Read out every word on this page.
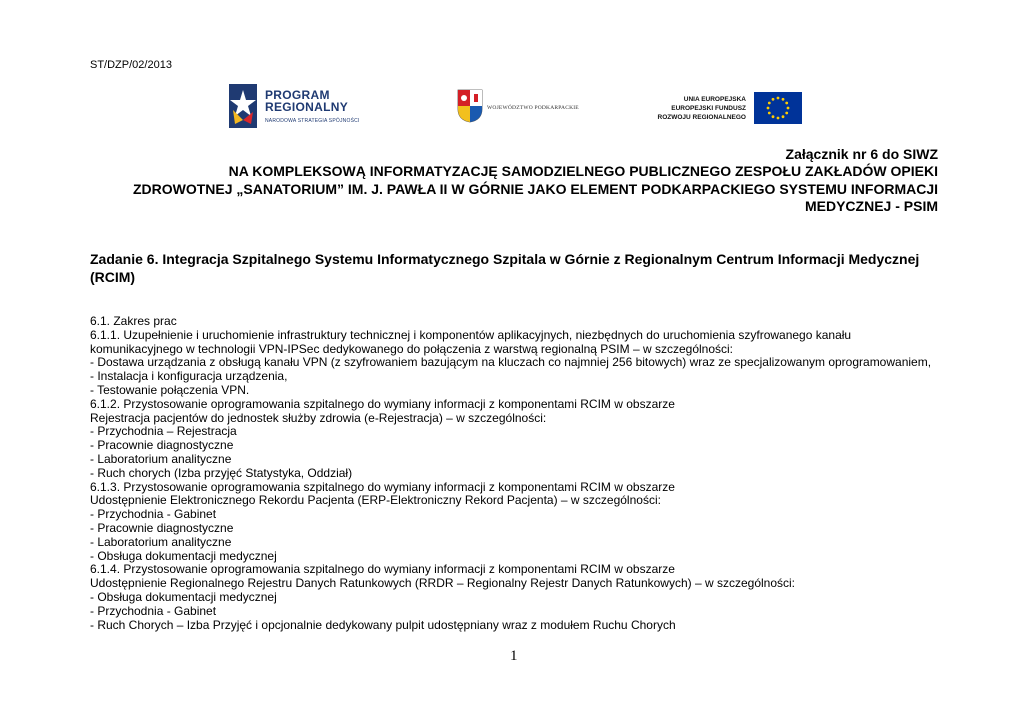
ST/DZP/02/2013
PROGRAM
REGIONALNY
NARODOWA STRATEGIA SPÓJNOŚCI
WOJEWÓDZTWO PODKARPACKIE
UNIA EUROPEJSKA
EUROPEJSKI FUNDUSZ
ROZWOJU REGIONALNEGO

Załącznik nr 6 do SIWZ

NA KOMPLEKSOWĄ INFORMATYZACJĘ SAMODZIELNEGO PUBLICZNEGO ZESPOŁU ZAKŁADÓW OPIEKI

ZDROWOTNEJ „SANATORIUM” IM. J. PAWŁA II W GÓRNIE JAKO ELEMENT PODKARPACKIEGO SYSTEMU INFORMACJI

MEDYCZNEJ - PSIM

Zadanie 6. Integracja Szpitalnego Systemu Informatycznego Szpitala w Górnie z Regionalnym Centrum Informacji Medycznej (RCIM)

6.1. Zakres prac
6.1.1. Uzupełnienie i uruchomienie infrastruktury technicznej i komponentów aplikacyjnych, niezbędnych do uruchomienia szyfrowanego kanału
komunikacyjnego w technologii VPN-IPSec dedykowanego do połączenia z warstwą regionalną PSIM – w szczególności:
- Dostawa urządzania z obsługą kanału VPN (z szyfrowaniem bazującym na kluczach co najmniej 256 bitowych) wraz ze specjalizowanym oprogramowaniem,
- Instalacja i konfiguracja urządzenia,
- Testowanie połączenia VPN.
6.1.2. Przystosowanie oprogramowania szpitalnego do wymiany informacji z komponentami RCIM w obszarze
Rejestracja pacjentów do jednostek służby zdrowia (e-Rejestracja) – w szczególności:
- Przychodnia – Rejestracja
- Pracownie diagnostyczne
- Laboratorium analityczne
- Ruch chorych (Izba przyjęć Statystyka, Oddział)
6.1.3. Przystosowanie oprogramowania szpitalnego do wymiany informacji z komponentami RCIM w obszarze
Udostępnienie Elektronicznego Rekordu Pacjenta (ERP-Elektroniczny Rekord Pacjenta) – w szczególności:
- Przychodnia - Gabinet
- Pracownie diagnostyczne
- Laboratorium analityczne
- Obsługa dokumentacji medycznej
6.1.4. Przystosowanie oprogramowania szpitalnego do wymiany informacji z komponentami RCIM w obszarze
Udostępnienie Regionalnego Rejestru Danych Ratunkowych (RRDR – Regionalny Rejestr Danych Ratunkowych) – w szczególności:
- Obsługa dokumentacji medycznej
- Przychodnia - Gabinet
- Ruch Chorych – Izba Przyjęć i opcjonalnie dedykowany pulpit udostępniany wraz z modułem Ruchu Chorych
1
